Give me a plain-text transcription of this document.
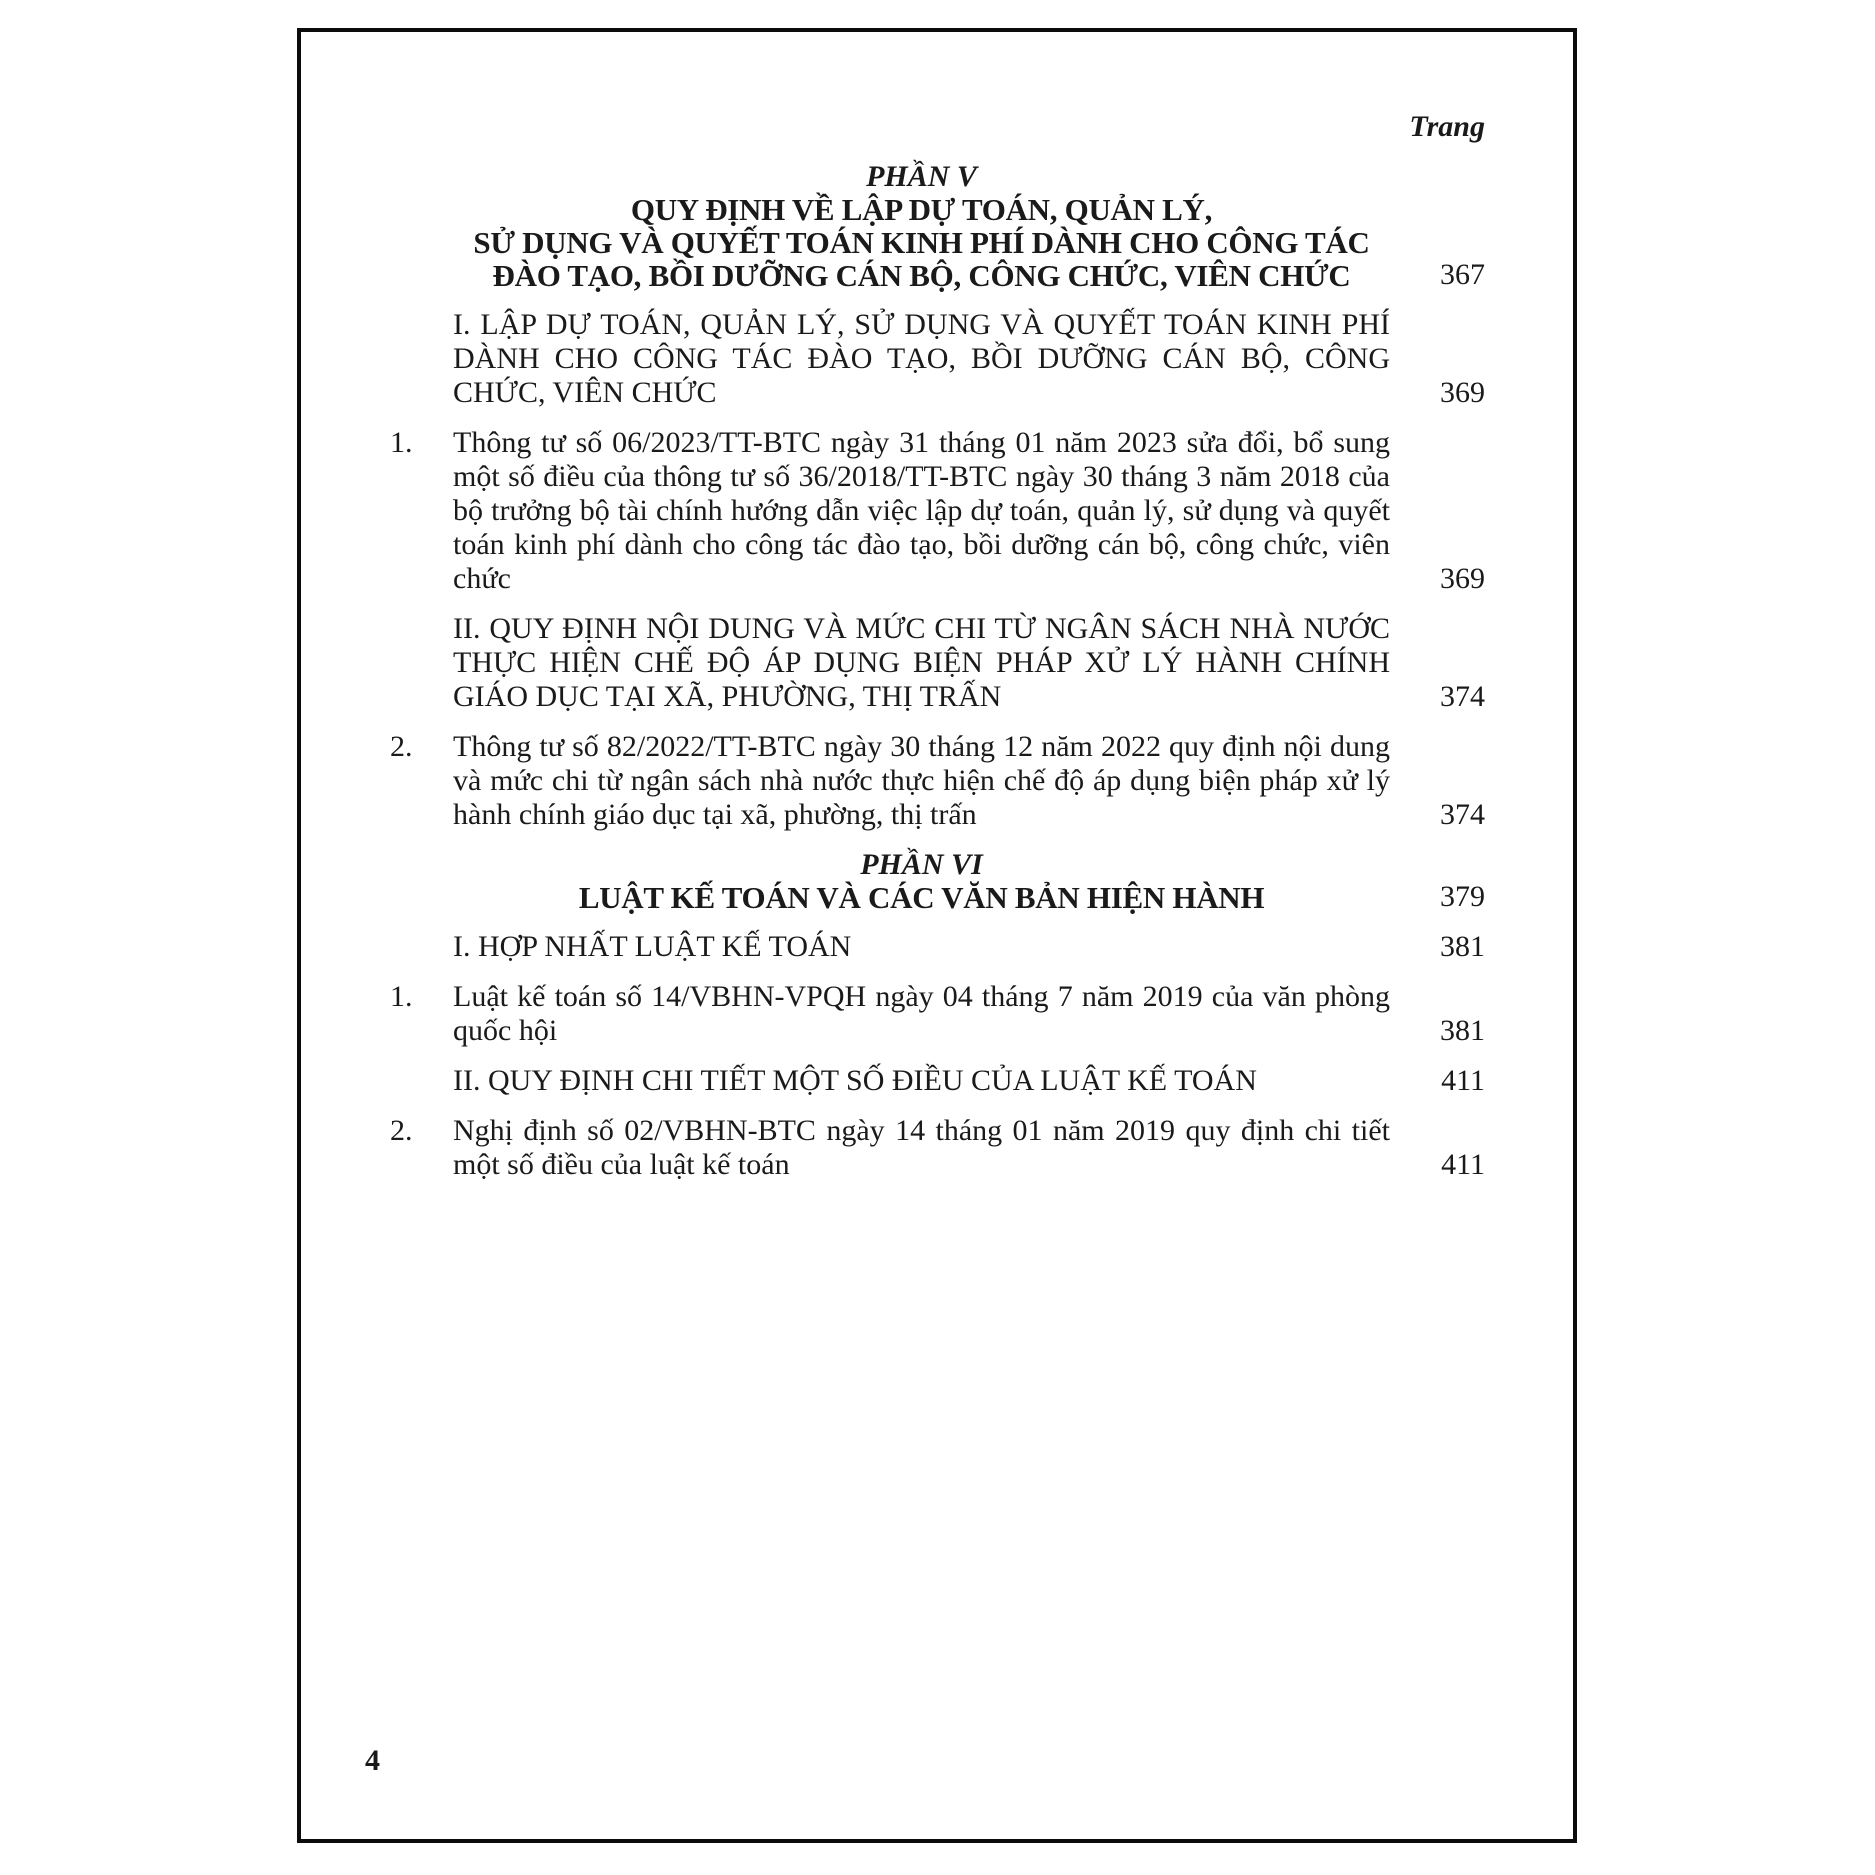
Trang
PHẦN V
QUY ĐỊNH VỀ LẬP DỰ TOÁN, QUẢN LÝ,
SỬ DỤNG VÀ QUYẾT TOÁN KINH PHÍ DÀNH CHO CÔNG TÁC
ĐÀO TẠO, BỒI DƯỠNG CÁN BỘ, CÔNG CHỨC, VIÊN CHỨC	367
I. LẬP DỰ TOÁN, QUẢN LÝ, SỬ DỤNG VÀ QUYẾT TOÁN KINH PHÍ DÀNH CHO CÔNG TÁC ĐÀO TẠO, BỒI DƯỠNG CÁN BỘ, CÔNG CHỨC, VIÊN CHỨC	369
1. Thông tư số 06/2023/TT-BTC ngày 31 tháng 01 năm 2023 sửa đổi, bổ sung một số điều của thông tư số 36/2018/TT-BTC ngày 30 tháng 3 năm 2018 của bộ trưởng bộ tài chính hướng dẫn việc lập dự toán, quản lý, sử dụng và quyết toán kinh phí dành cho công tác đào tạo, bồi dưỡng cán bộ, công chức, viên chức	369
II. QUY ĐỊNH NỘI DUNG VÀ MỨC CHI TỪ NGÂN SÁCH NHÀ NƯỚC THỰC HIỆN CHẾ ĐỘ ÁP DỤNG BIỆN PHÁP XỬ LÝ HÀNH CHÍNH GIÁO DỤC TẠI XÃ, PHƯỜNG, THỊ TRẤN	374
2. Thông tư số 82/2022/TT-BTC ngày 30 tháng 12 năm 2022 quy định nội dung và mức chi từ ngân sách nhà nước thực hiện chế độ áp dụng biện pháp xử lý hành chính giáo dục tại xã, phường, thị trấn	374
PHẦN VI
LUẬT KẾ TOÁN VÀ CÁC VĂN BẢN HIỆN HÀNH	379
I. HỢP NHẤT LUẬT KẾ TOÁN	381
1. Luật kế toán số 14/VBHN-VPQH ngày 04 tháng 7 năm 2019 của văn phòng quốc hội	381
II. QUY ĐỊNH CHI TIẾT MỘT SỐ ĐIỀU CỦA LUẬT KẾ TOÁN	411
2. Nghị định số 02/VBHN-BTC ngày 14 tháng 01 năm 2019 quy định chi tiết một số điều của luật kế toán	411
4
